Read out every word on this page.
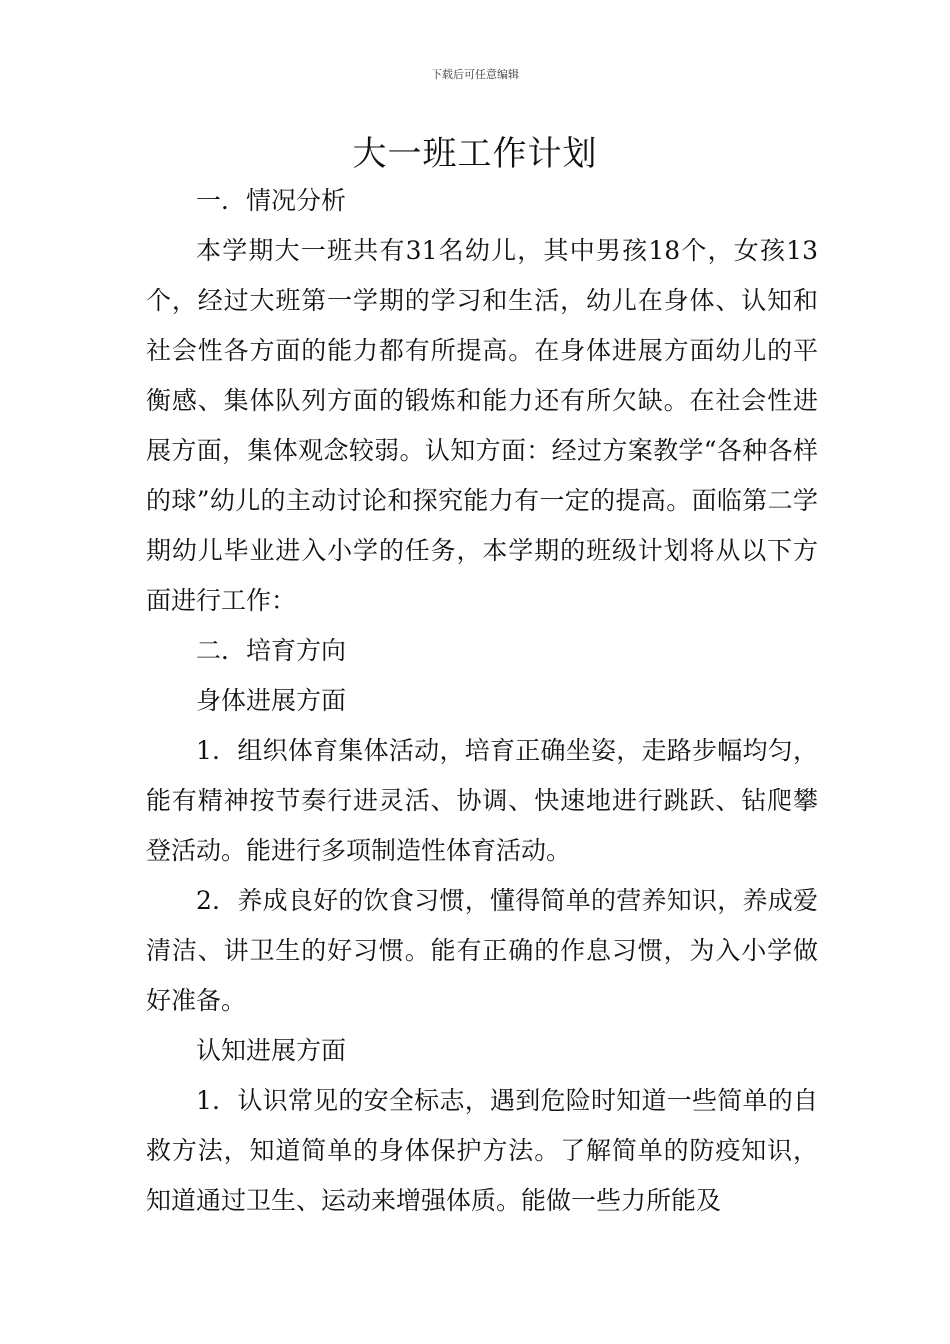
下载后可任意编辑
大一班工作计划

一．情况分析

本学期大一班共有31名幼儿，其中男孩18个，女孩13个，经过大班第一学期的学习和生活，幼儿在身体、认知和社会性各方面的能力都有所提高。在身体进展方面幼儿的平衡感、集体队列方面的锻炼和能力还有所欠缺。在社会性进展方面，集体观念较弱。认知方面：经过方案教学“各种各样的球”幼儿的主动讨论和探究能力有一定的提高。面临第二学期幼儿毕业进入小学的任务，本学期的班级计划将从以下方面进行工作：

二．培育方向

身体进展方面

1．组织体育集体活动，培育正确坐姿，走路步幅均匀，能有精神按节奏行进灵活、协调、快速地进行跳跃、钻爬攀登活动。能进行多项制造性体育活动。

2．养成良好的饮食习惯，懂得简单的营养知识，养成爱清洁、讲卫生的好习惯。能有正确的作息习惯，为入小学做好准备。

认知进展方面

1．认识常见的安全标志，遇到危险时知道一些简单的自救方法，知道简单的身体保护方法。了解简单的防疫知识，知道通过卫生、运动来增强体质。能做一些力所能及
